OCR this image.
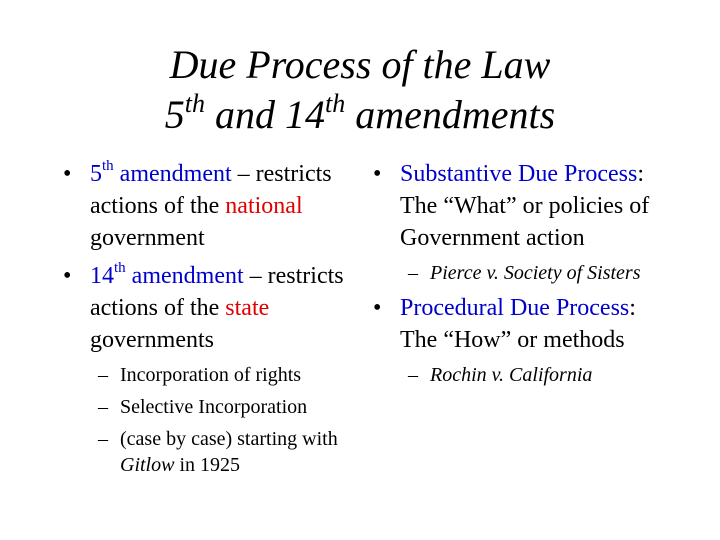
Due Process of the Law
5th and 14th amendments
• 5th amendment – restricts actions of the national government
• 14th amendment – restricts actions of the state governments
– Incorporation of rights
– Selective Incorporation
– (case by case) starting with Gitlow in 1925
• Substantive Due Process: The “What” or policies of Government action
– Pierce v. Society of Sisters
• Procedural Due Process: The “How” or methods
– Rochin v. California
